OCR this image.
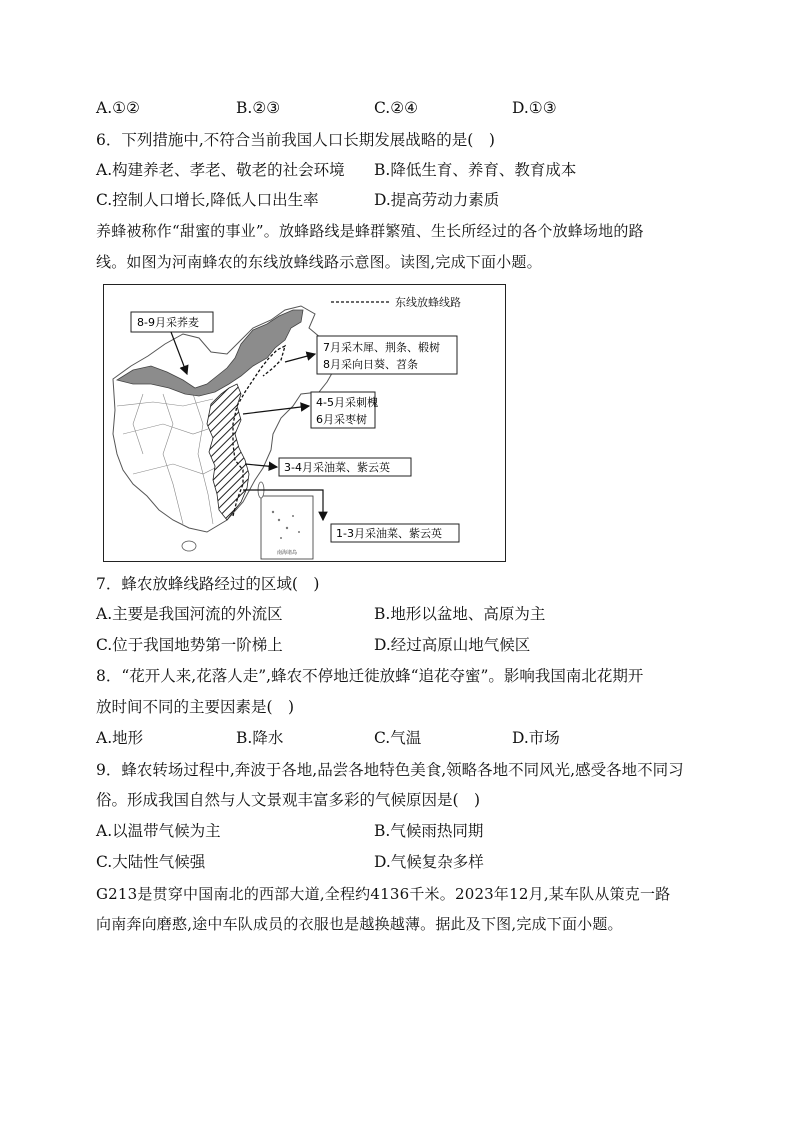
A.①②	B.②③	C.②④	D.①③
6．下列措施中,不符合当前我国人口长期发展战略的是(　)
A.构建养老、孝老、敬老的社会环境 B.降低生育、养育、教育成本
C.控制人口增长,降低人口出生率	D.提高劳动力素质
养蜂被称作“甜蜜的事业”。放蜂路线是蜂群繁殖、生长所经过的各个放蜂场地的路
线。如图为河南蜂农的东线放蜂线路示意图。读图,完成下面小题。
南海诸岛
东线放蜂线路
8-9月采荞麦
7月采木犀、荆条、椴树
8月采向日葵、苕条
4-5月采刺槐
6月采枣树
3-4月采油菜、紫云英
1-3月采油菜、紫云英
7．蜂农放蜂线路经过的区域(　)
A.主要是我国河流的外流区	B.地形以盆地、高原为主
C.位于我国地势第一阶梯上	D.经过高原山地气候区
8．“花开人来,花落人走”,蜂农不停地迁徙放蜂“追花夺蜜”。影响我国南北花期开
放时间不同的主要因素是(　)
A.地形	B.降水	C.气温	D.市场
9．蜂农转场过程中,奔波于各地,品尝各地特色美食,领略各地不同风光,感受各地不同习
俗。形成我国自然与人文景观丰富多彩的气候原因是(　)
A.以温带气候为主	B.气候雨热同期
C.大陆性气候强	D.气候复杂多样
G213是贯穿中国南北的西部大道,全程约4136千米。2023年12月,某车队从策克一路
向南奔向磨憨,途中车队成员的衣服也是越换越薄。据此及下图,完成下面小题。
